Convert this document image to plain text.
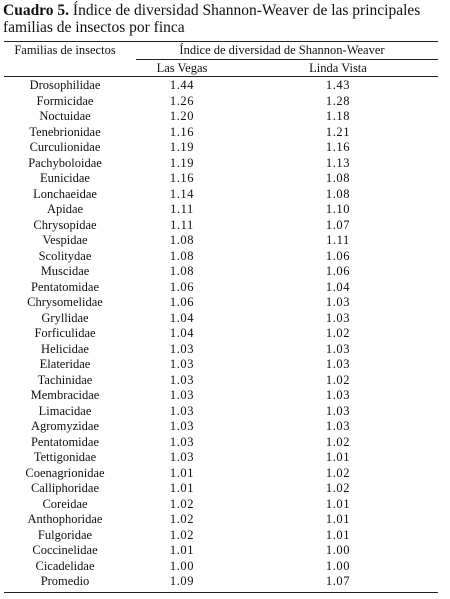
Cuadro 5. Índice de diversidad Shannon-Weaver de las principales familias de insectos por finca
Familias de insectos	Índice de diversidad de Shannon-Weaver
Las Vegas	Linda Vista
Drosophilidae	1.44	1.43
Formicidae	1.26	1.28
Noctuidae	1.20	1.18
Tenebrionidae	1.16	1.21
Curculionidae	1.19	1.16
Pachyboloidae	1.19	1.13
Eunicidae	1.16	1.08
Lonchaeidae	1.14	1.08
Apidae	1.11	1.10
Chrysopidae	1.11	1.07
Vespidae	1.08	1.11
Scolitydae	1.08	1.06
Muscidae	1.08	1.06
Pentatomidae	1.06	1.04
Chrysomelidae	1.06	1.03
Gryllidae	1.04	1.03
Forficulidae	1.04	1.02
Helicidae	1.03	1.03
Elateridae	1.03	1.03
Tachinidae	1.03	1.02
Membracidae	1.03	1.03
Limacidae	1.03	1.03
Agromyzidae	1.03	1.03
Pentatomidae	1.03	1.02
Tettigonidae	1.03	1.01
Coenagrionidae	1.01	1.02
Calliphoridae	1.01	1.02
Coreidae	1.02	1.01
Anthophoridae	1.02	1.01
Fulgoridae	1.02	1.01
Coccinelidae	1.01	1.00
Cicadelidae	1.00	1.00
Promedio	1.09	1.07
